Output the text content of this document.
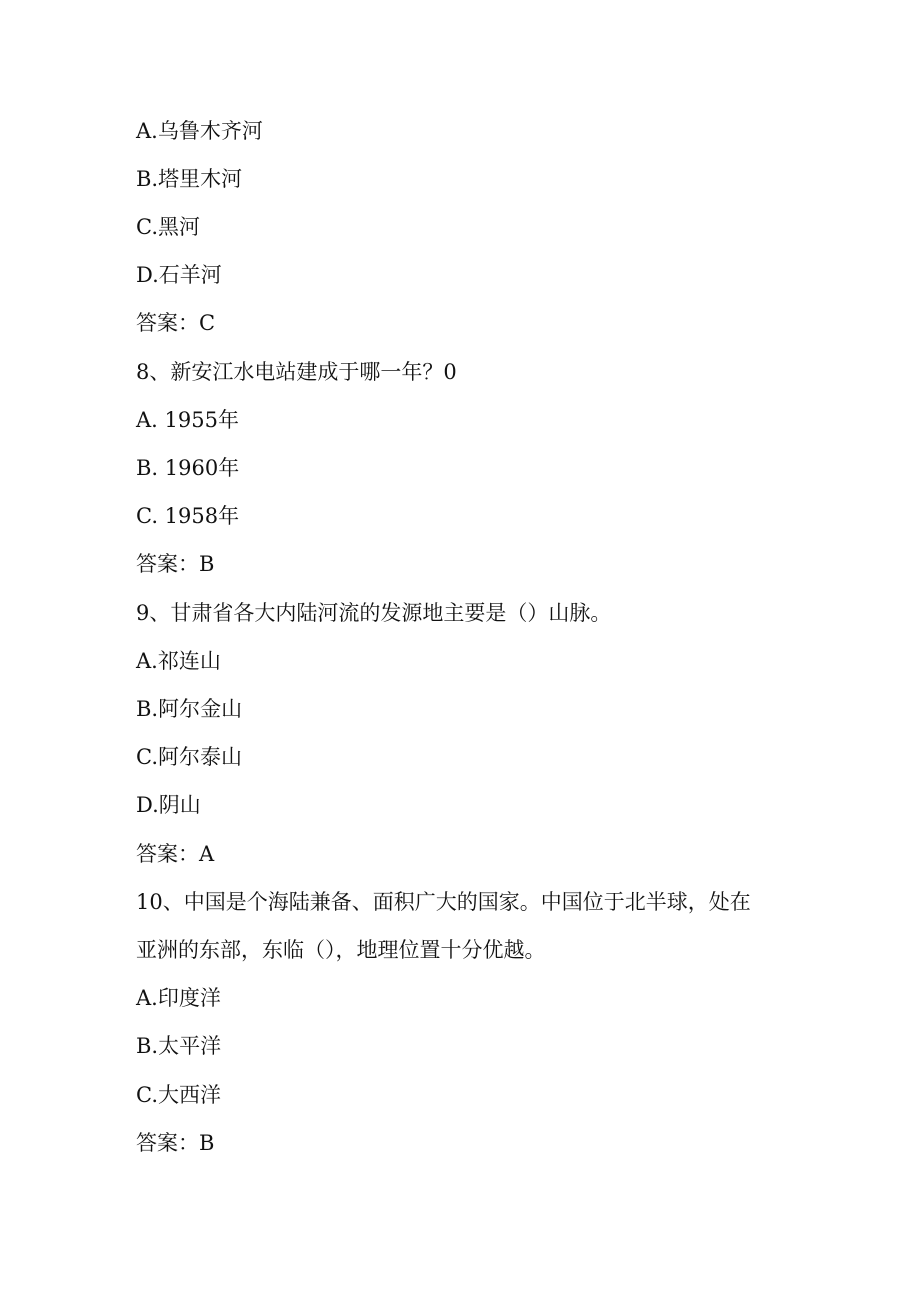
A.乌鲁木齐河
B.塔里木河
C.黑河
D.石羊河
答案：C
8、新安江水电站建成于哪一年？0
A. 1955年
B. 1960年
C. 1958年
答案：B
9、甘肃省各大内陆河流的发源地主要是（）山脉。
A.祁连山
B.阿尔金山
C.阿尔泰山
D.阴山
答案：A
10、中国是个海陆兼备、面积广大的国家。中国位于北半球，处在
亚洲的东部，东临（），地理位置十分优越。
A.印度洋
B.太平洋
C.大西洋
答案：B
